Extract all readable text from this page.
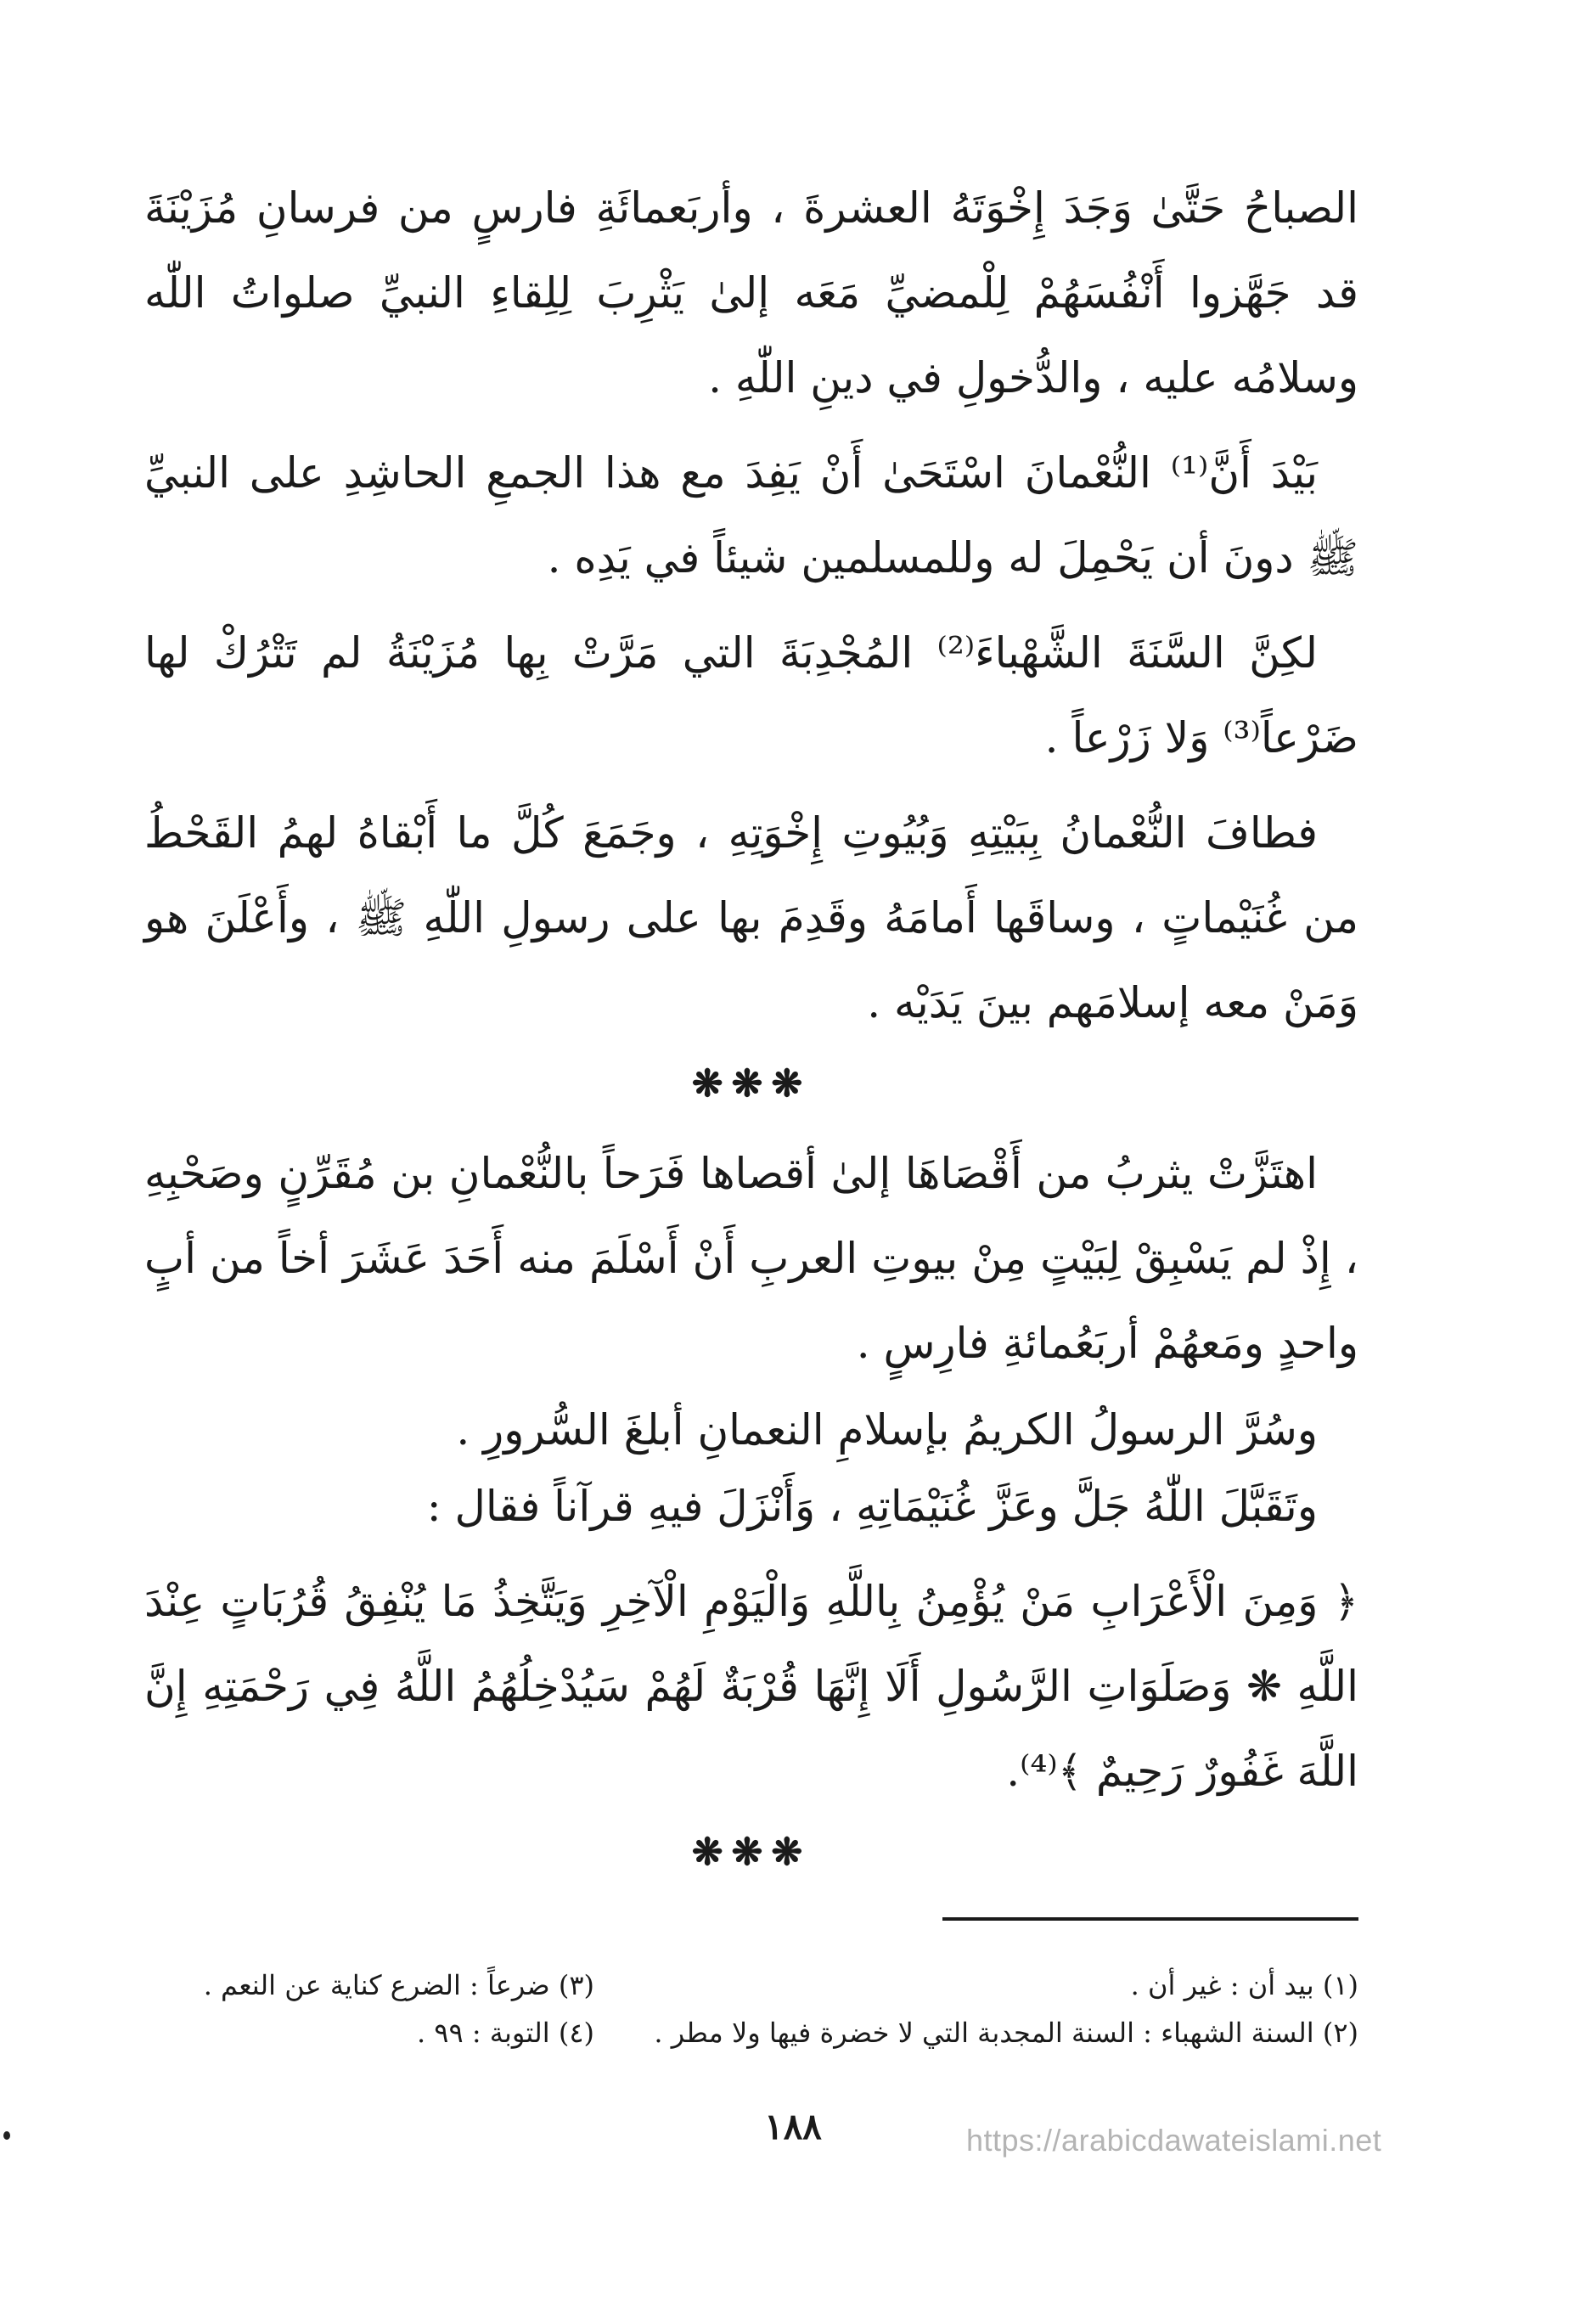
الصباحُ حَتَّىٰ وَجَدَ إِخْوَتَهُ العشرةَ ، وأربَعمائَةِ فارسٍ من فرسانِ مُزَيْنَةَ قد جَهَّزوا أَنْفُسَهُمْ لِلْمضيِّ مَعَه إلىٰ يَثْرِبَ لِلِقاءِ النبيِّ صلواتُ اللّٰه وسلامُه عليه ، والدُّخولِ في دينِ اللّٰهِ .

بَيْدَ أَنَّ⁽¹⁾ النُّعْمانَ اسْتَحَىٰ أَنْ يَفِدَ مع هذا الجمعِ الحاشِدِ على النبيِّ ﷺ دونَ أن يَحْمِلَ له وللمسلمين شيئاً في يَدِه .

لكِنَّ السَّنَةَ الشَّهْباءَ⁽²⁾ المُجْدِبَةَ التي مَرَّتْ بِها مُزَيْنَةُ لم تَتْرُكْ لها ضَرْعاً⁽³⁾ وَلا زَرْعاً .

فطافَ النُّعْمانُ بِبَيْتِهِ وَبُيُوتِ إِخْوَتِهِ ، وجَمَعَ كُلَّ ما أَبْقاهُ لهمُ القَحْطُ من غُنَيْماتٍ ، وساقَها أَمامَهُ وقَدِمَ بها على رسولِ اللّٰهِ ﷺ ، وأَعْلَنَ هو وَمَنْ معه إسلامَهم بينَ يَدَيْه .

❋❋❋

اهتَزَّتْ يثربُ من أَقْصَاهَا إلىٰ أقصاها فَرَحاً بالنُّعْمانِ بن مُقَرِّنٍ وصَحْبِهِ ، إِذْ لم يَسْبِقْ لِبَيْتٍ مِنْ بيوتِ العربِ أَنْ أَسْلَمَ منه أَحَدَ عَشَرَ أخاً من أبٍ واحدٍ ومَعهُمْ أربَعُمائةِ فارِسٍ .

وسُرَّ الرسولُ الكريمُ بإسلامِ النعمانِ أبلغَ السُّرورِ .

وتَقَبَّلَ اللّٰهُ جَلَّ وعَزَّ غُنَيْمَاتِهِ ، وَأَنْزَلَ فيهِ قرآناً فقال :

﴿ وَمِنَ الْأَعْرَابِ مَنْ يُؤْمِنُ بِاللَّهِ وَالْيَوْمِ الْآخِرِ وَيَتَّخِذُ مَا يُنْفِقُ قُرُبَاتٍ عِنْدَ اللَّهِ ❋ وَصَلَوَاتِ الرَّسُولِ أَلَا إِنَّهَا قُرْبَةٌ لَهُمْ سَيُدْخِلُهُمُ اللَّهُ فِي رَحْمَتِهِ إِنَّ اللَّهَ غَفُورٌ رَحِيمٌ ﴾⁽⁴⁾.

❋❋❋
(١) بيد أن : غير أن .
(٢) السنة الشهباء : السنة المجدبة التي لا خضرة فيها ولا مطر .
(٣) ضرعاً : الضرع كناية عن النعم .
(٤) التوبة : ٩٩ .
١٨٨	https://arabicdawateislami.net
